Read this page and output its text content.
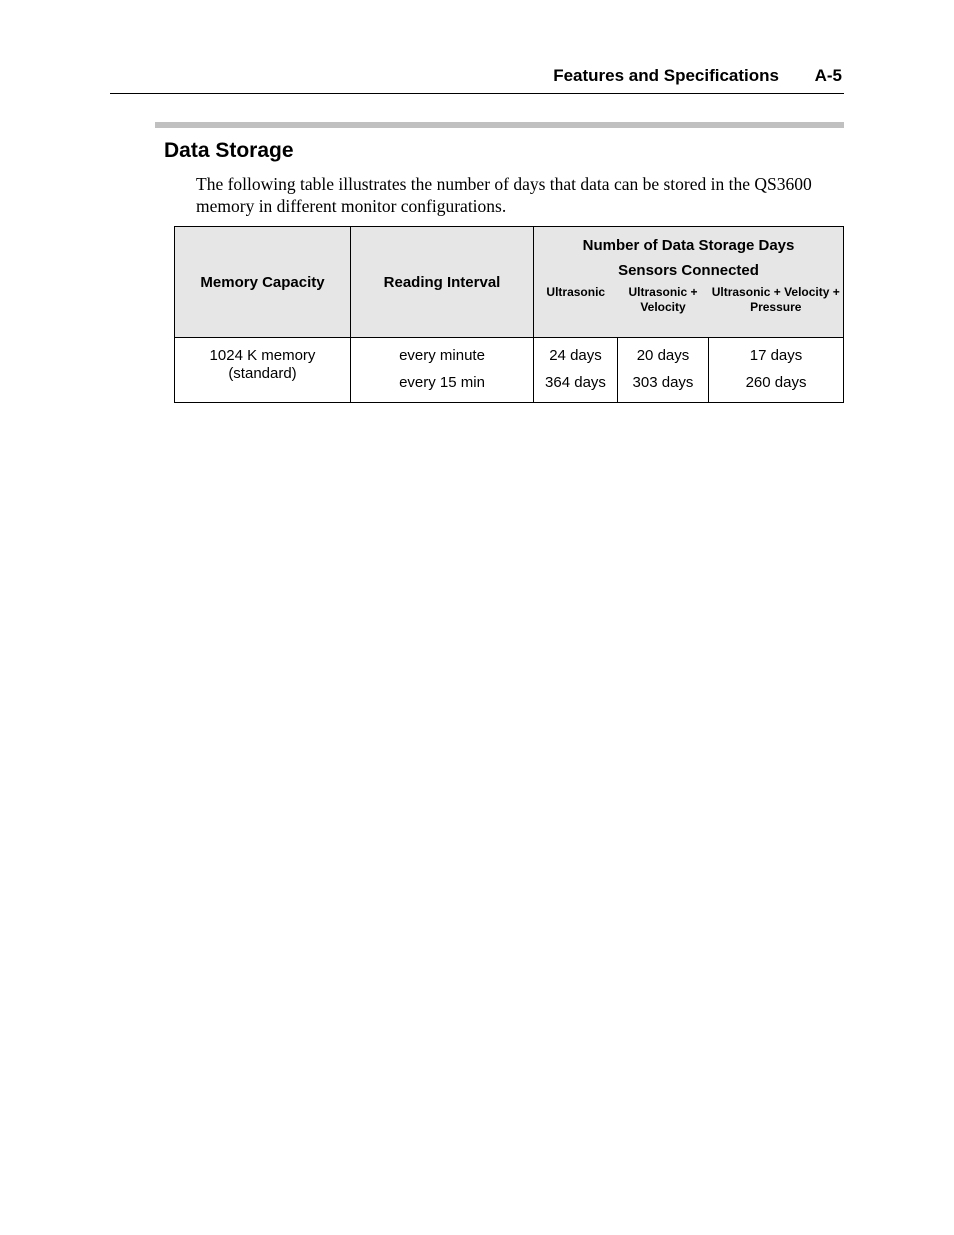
Features and Specifications A-5
Data Storage

The following table illustrates the number of days that data can be stored in the QS3600 memory in different monitor configurations.

Memory Capacity	Reading Interval	Number of Data Storage Days		
		Sensors Connected		
		Ultrasonic	Ultrasonic + Velocity	Ultrasonic + Velocity + Pressure
1024 K memory (standard)	every minute	24 days	20 days	17 days
	every 15 min	364 days	303 days	260 days
